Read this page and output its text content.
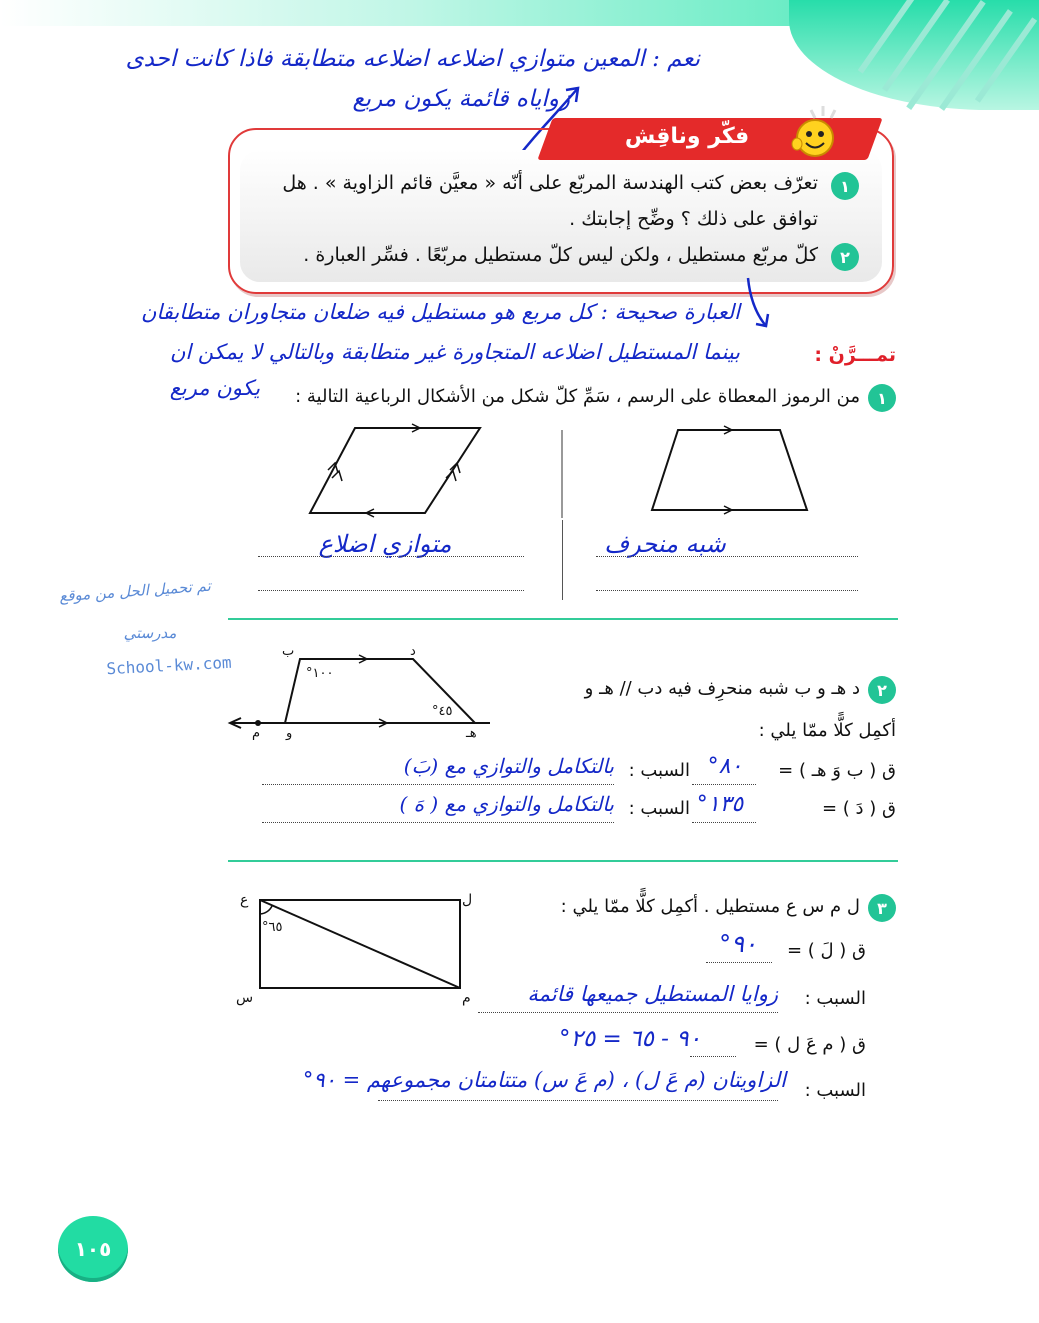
نعم : المعين متوازي اضلاعه اضلاعه متطابقة فاذا كانت احدى
زواياه قائمة يكون مربع
فكّر وناقِش
١
تعرّف بعض كتب الهندسة المربّع على أنّه « معيَّن قائم الزاوية » . هل
توافق على ذلك ؟ وضِّح إجابتك .
٢
كلّ مربّع مستطيل ، ولكن ليس كلّ مستطيل مربّعًا . فسِّر العبارة .
العبارة صحيحة : كل مربع هو مستطيل فيه ضلعان متجاوران متطابقان
بينما المستطيل اضلاعه المتجاورة غير متطابقة وبالتالي لا يمكن ان
يكون مربع
تمـــرَّنْ :
١
من الرموز المعطاة على الرسم ، سَمِّ كلّ شكل من الأشكال الرباعية التالية :
شبه منحرف
متوازي اضلاع
تم تحميل الحل من موقع
مدرستي
School-kw.com
ب	د
و	هـ
م
١٠٠°
٤٥°
٢
د هـ و ب شبه منحرِف فيه دب // هـ و
أكمِل كلًّا ممّا يلي :
ق ( ب وَ هـ ) =
٨٠°
السبب :
بالتكامل والتوازي مع (بَ)
ق ( دَ ) =
١٣٥°
السبب :
بالتكامل والتوازي مع ( هَ )
ل
ع
س	م
٦٥°
٣
ل م س ع مستطيل . أكمِل كلًّا ممّا يلي :
ق ( لَ ) =
٩٠°
السبب :
زوايا المستطيل جميعها قائمة
ق ( م عَ ل ) =
٩٠ - ٦٥ = ٢٥°
السبب :
الزاويتان (م عَ ل) ، (م عَ س) متتامتان مجموعهم = ٩٠°
١٠٥
